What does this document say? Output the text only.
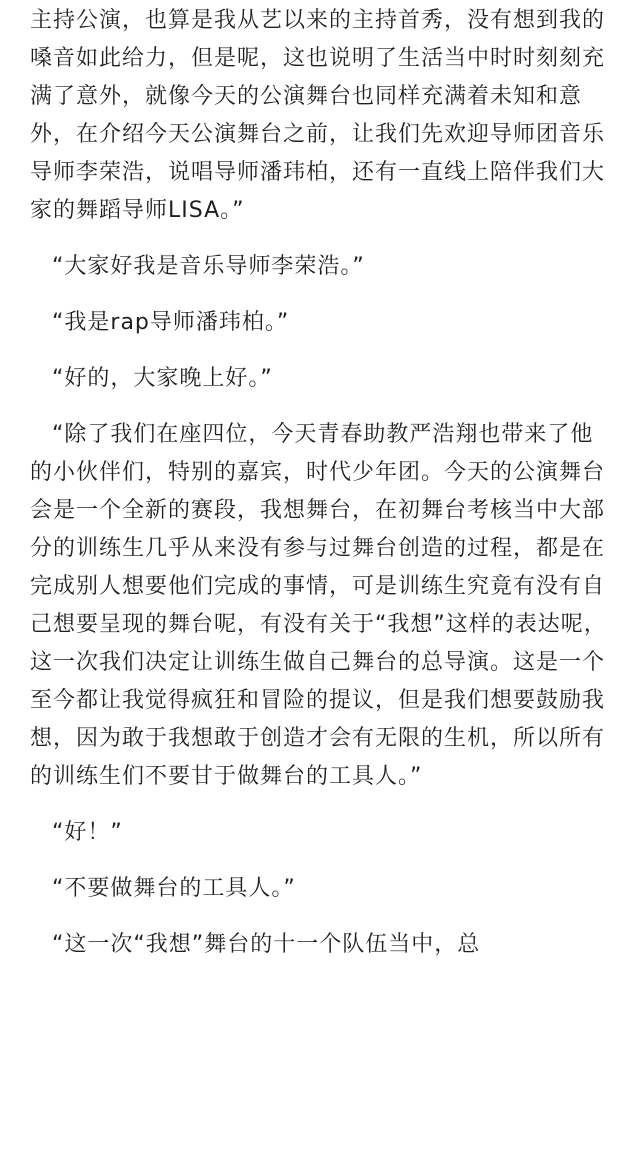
主持公演，也算是我从艺以来的主持首秀，没有想到我的嗓音如此给力，但是呢，这也说明了生活当中时时刻刻充满了意外，就像今天的公演舞台也同样充满着未知和意外，在介绍今天公演舞台之前，让我们先欢迎导师团音乐导师李荣浩，说唱导师潘玮柏，还有一直线上陪伴我们大家的舞蹈导师LISA。”

“大家好我是音乐导师李荣浩。”

“我是rap导师潘玮柏。”

“好的，大家晚上好。”

“除了我们在座四位，今天青春助教严浩翔也带来了他的小伙伴们，特别的嘉宾，时代少年团。今天的公演舞台会是一个全新的赛段，我想舞台，在初舞台考核当中大部分的训练生几乎从来没有参与过舞台创造的过程，都是在完成别人想要他们完成的事情，可是训练生究竟有没有自己想要呈现的舞台呢，有没有关于“我想”这样的表达呢，这一次我们决定让训练生做自己舞台的总导演。这是一个至今都让我觉得疯狂和冒险的提议，但是我们想要鼓励我想，因为敢于我想敢于创造才会有无限的生机，所以所有的训练生们不要甘于做舞台的工具人。”

“好！”

“不要做舞台的工具人。”

“这一次“我想”舞台的十一个队伍当中，总
